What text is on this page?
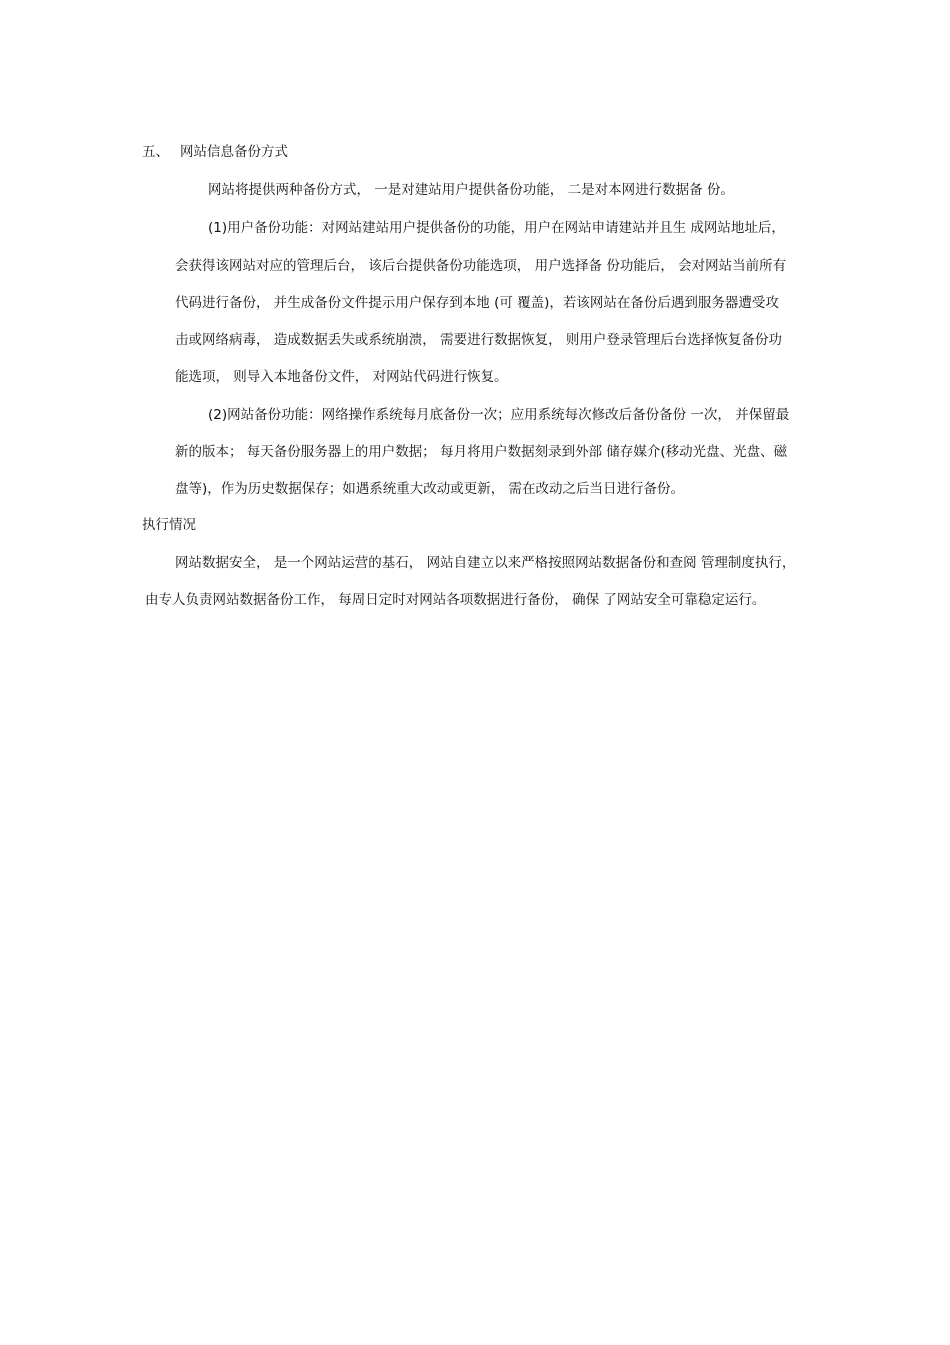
五、 网站信息备份方式
网站将提供两种备份方式， 一是对建站用户提供备份功能， 二是对本网进行数据备 份。
(1)用户备份功能：对网站建站用户提供备份的功能，用户在网站申请建站并且生 成网站地址后，
会获得该网站对应的管理后台， 该后台提供备份功能选项， 用户选择备 份功能后， 会对网站当前所有
代码进行备份， 并生成备份文件提示用户保存到本地 (可 覆盖)，若该网站在备份后遇到服务器遭受攻
击或网络病毒， 造成数据丢失或系统崩溃， 需要进行数据恢复， 则用户登录管理后台选择恢复备份功
能选项， 则导入本地备份文件， 对网站代码进行恢复。
(2)网站备份功能：网络操作系统每月底备份一次；应用系统每次修改后备份备份 一次， 并保留最
新的版本； 每天备份服务器上的用户数据； 每月将用户数据刻录到外部 储存媒介(移动光盘、光盘、磁
盘等)，作为历史数据保存；如遇系统重大改动或更新， 需在改动之后当日进行备份。
执行情况
网站数据安全， 是一个网站运营的基石， 网站自建立以来严格按照网站数据备份和查阅 管理制度执行，
由专人负责网站数据备份工作， 每周日定时对网站各项数据进行备份， 确保 了网站安全可靠稳定运行。
